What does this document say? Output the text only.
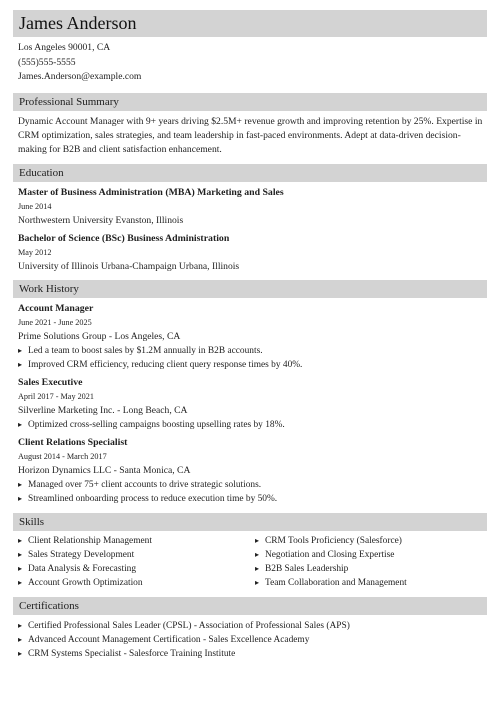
James Anderson
Los Angeles 90001, CA
(555)555-5555
James.Anderson@example.com
Professional Summary
Dynamic Account Manager with 9+ years driving $2.5M+ revenue growth and improving retention by 25%. Expertise in CRM optimization, sales strategies, and team leadership in fast-paced environments. Adept at data-driven decision-making for B2B and client satisfaction enhancement.
Education
Master of Business Administration (MBA) Marketing and Sales
June 2014
Northwestern University Evanston, Illinois
Bachelor of Science (BSc) Business Administration
May 2012
University of Illinois Urbana-Champaign Urbana, Illinois
Work History
Account Manager
June 2021 - June 2025
Prime Solutions Group - Los Angeles, CA
▸ Led a team to boost sales by $1.2M annually in B2B accounts.
▸ Improved CRM efficiency, reducing client query response times by 40%.
Sales Executive
April 2017 - May 2021
Silverline Marketing Inc. - Long Beach, CA
▸ Optimized cross-selling campaigns boosting upselling rates by 18%.
Client Relations Specialist
August 2014 - March 2017
Horizon Dynamics LLC - Santa Monica, CA
▸ Managed over 75+ client accounts to drive strategic solutions.
▸ Streamlined onboarding process to reduce execution time by 50%.
Skills
▸ Client Relationship Management
▸ Sales Strategy Development
▸ Data Analysis & Forecasting
▸ Account Growth Optimization
▸ CRM Tools Proficiency (Salesforce)
▸ Negotiation and Closing Expertise
▸ B2B Sales Leadership
▸ Team Collaboration and Management
Certifications
▸ Certified Professional Sales Leader (CPSL) - Association of Professional Sales (APS)
▸ Advanced Account Management Certification - Sales Excellence Academy
▸ CRM Systems Specialist - Salesforce Training Institute
